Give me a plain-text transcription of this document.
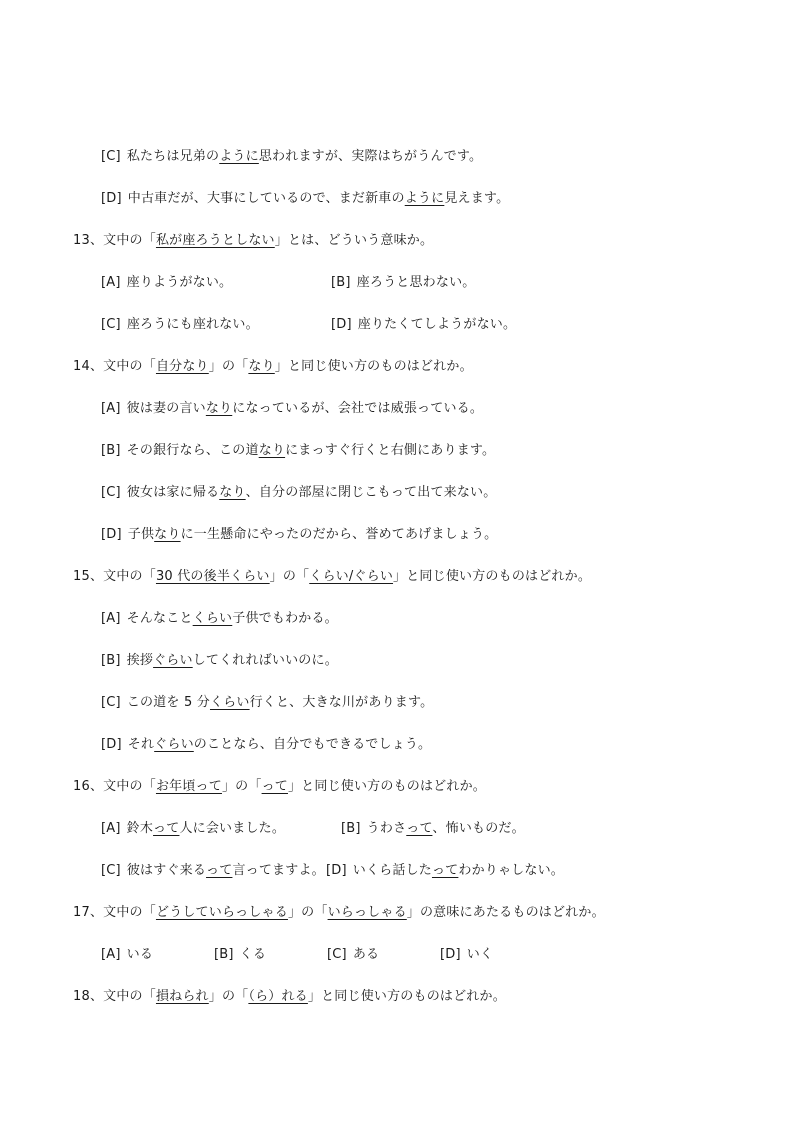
[C] 私たちは兄弟のように思われますが、実際はちがうんです。
[D] 中古車だが、大事にしているので、まだ新車のように見えます。
13、文中の「私が座ろうとしない」とは、どういう意味か。
[A] 座りようがない。	[B] 座ろうと思わない。
[C] 座ろうにも座れない。	[D] 座りたくてしようがない。
14、文中の「自分なり」の「なり」と同じ使い方のものはどれか。
[A] 彼は妻の言いなりになっているが、会社では威張っている。
[B] その銀行なら、この道なりにまっすぐ行くと右側にあります。
[C] 彼女は家に帰るなり、自分の部屋に閉じこもって出て来ない。
[D] 子供なりに一生懸命にやったのだから、誉めてあげましょう。
15、文中の「30 代の後半くらい」の「くらい/ぐらい」と同じ使い方のものはどれか。
[A] そんなことくらい子供でもわかる。
[B] 挨拶ぐらいしてくれればいいのに。
[C] この道を 5 分くらい行くと、大きな川があります。
[D] それぐらいのことなら、自分でもできるでしょう。
16、文中の「お年頃って」の「って」と同じ使い方のものはどれか。
[A] 鈴木って人に会いました。	[B] うわさって、怖いものだ。
[C] 彼はすぐ来るって言ってますよ。 [D] いくら話したってわかりゃしない。
17、文中の「どうしていらっしゃる」の「いらっしゃる」の意味にあたるものはどれか。
[A] いる	[B] くる	[C] ある	[D] いく
18、文中の「損ねられ」の「（ら）れる」と同じ使い方のものはどれか。
